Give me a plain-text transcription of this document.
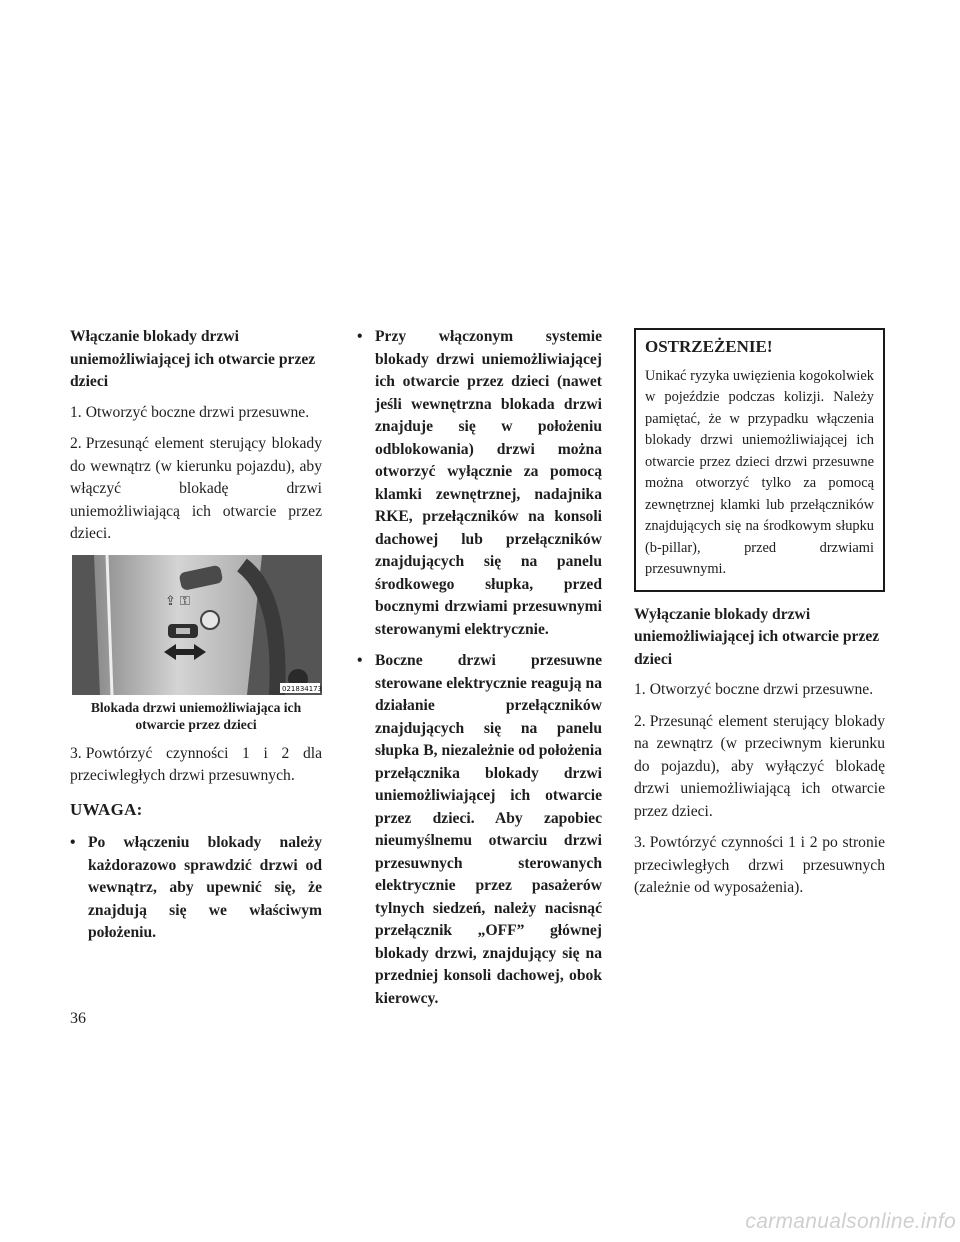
Włączanie blokady drzwi uniemożliwiającej ich otwarcie przez dzieci

1. Otworzyć boczne drzwi przesuwne.

2. Przesunąć element sterujący blokady do wewnątrz (w kierunku pojazdu), aby włączyć blokadę drzwi uniemożliwiającą ich otwarcie przez dzieci.

⇪ ⚿
021834173

Blokada drzwi uniemożliwiająca ich otwarcie przez dzieci

3. Powtórzyć czynności 1 i 2 dla przeciwległych drzwi przesuwnych.

UWAGA:

• Po włączeniu blokady należy każdorazowo sprawdzić drzwi od wewnątrz, aby upewnić się, że znajdują się we właściwym położeniu.

• Przy włączonym systemie blokady drzwi uniemożliwiającej ich otwarcie przez dzieci (nawet jeśli wewnętrzna blokada drzwi znajduje się w położeniu odblokowania) drzwi można otworzyć wyłącznie za pomocą klamki zewnętrznej, nadajnika RKE, przełączników na konsoli dachowej lub przełączników znajdujących się na panelu środkowego słupka, przed bocznymi drzwiami przesuwnymi sterowanymi elektrycznie.

• Boczne drzwi przesuwne sterowane elektrycznie reagują na działanie przełączników znajdujących się na panelu słupka B, niezależnie od położenia przełącznika blokady drzwi uniemożliwiającej ich otwarcie przez dzieci. Aby zapobiec nieumyślnemu otwarciu drzwi przesuwnych sterowanych elektrycznie przez pasażerów tylnych siedzeń, należy nacisnąć przełącznik „OFF” głównej blokady drzwi, znajdujący się na przedniej konsoli dachowej, obok kierowcy.

OSTRZEŻENIE!

Unikać ryzyka uwięzienia kogokolwiek w pojeździe podczas kolizji. Należy pamiętać, że w przypadku włączenia blokady drzwi uniemożliwiającej ich otwarcie przez dzieci drzwi przesuwne można otworzyć tylko za pomocą zewnętrznej klamki lub przełączników znajdujących się na środkowym słupku (b-pillar), przed drzwiami przesuwnymi.

Wyłączanie blokady drzwi uniemożliwiającej ich otwarcie przez dzieci

1. Otworzyć boczne drzwi przesuwne.

2. Przesunąć element sterujący blokady na zewnątrz (w przeciwnym kierunku do pojazdu), aby wyłączyć blokadę drzwi uniemożliwiającą ich otwarcie przez dzieci.

3. Powtórzyć czynności 1 i 2 po stronie przeciwległych drzwi przesuwnych (zależnie od wyposażenia).

36
carmanualsonline.info
